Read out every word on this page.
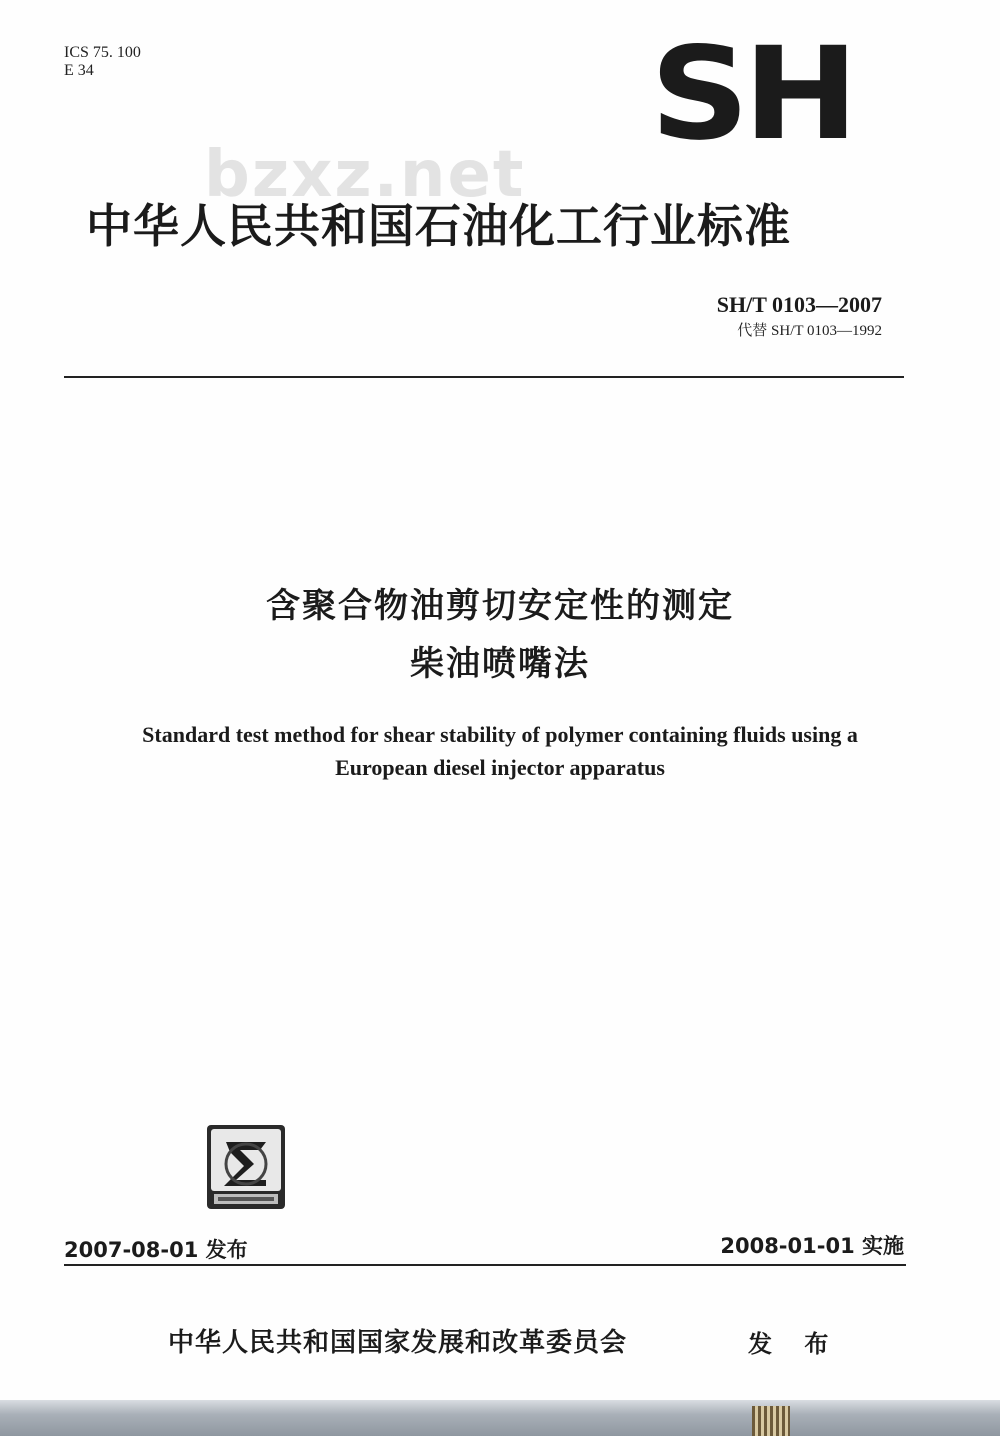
ICS 75. 100
E 34	SH
bzxz.net
中华人民共和国石油化工行业标准
SH/T 0103—2007
代替 SH/T 0103—1992
含聚合物油剪切安定性的测定
柴油喷嘴法
Standard test method for shear stability of polymer containing fluids using a
European diesel injector apparatus
2007-08-01 发布	2008-01-01 实施
中华人民共和国国家发展和改革委员会	发 布
